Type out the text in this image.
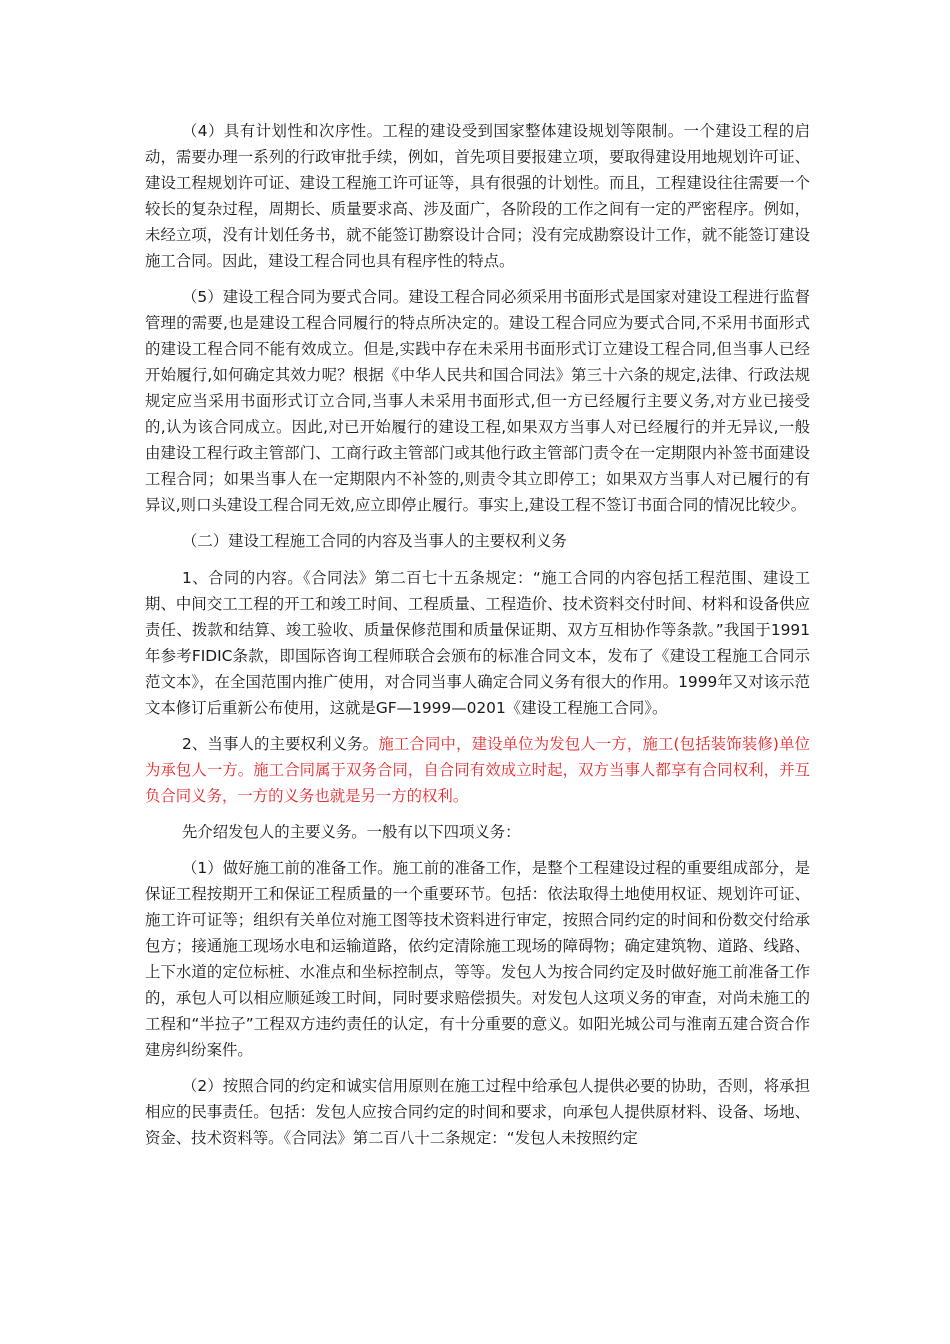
（4）具有计划性和次序性。工程的建设受到国家整体建设规划等限制。一个建设工程的启动，需要办理一系列的行政审批手续，例如，首先项目要报建立项，要取得建设用地规划许可证、建设工程规划许可证、建设工程施工许可证等，具有很强的计划性。而且，工程建设往往需要一个较长的复杂过程，周期长、质量要求高、涉及面广，各阶段的工作之间有一定的严密程序。例如，未经立项，没有计划任务书，就不能签订勘察设计合同；没有完成勘察设计工作，就不能签订建设施工合同。因此，建设工程合同也具有程序性的特点。

（5）建设工程合同为要式合同。建设工程合同必须采用书面形式是国家对建设工程进行监督管理的需要,也是建设工程合同履行的特点所决定的。建设工程合同应为要式合同,不采用书面形式的建设工程合同不能有效成立。但是,实践中存在未采用书面形式订立建设工程合同,但当事人已经开始履行,如何确定其效力呢？根据《中华人民共和国合同法》第三十六条的规定,法律、行政法规规定应当采用书面形式订立合同,当事人未采用书面形式,但一方已经履行主要义务,对方业已接受的,认为该合同成立。因此,对已开始履行的建设工程,如果双方当事人对已经履行的并无异议,一般由建设工程行政主管部门、工商行政主管部门或其他行政主管部门责令在一定期限内补签书面建设工程合同；如果当事人在一定期限内不补签的,则责令其立即停工；如果双方当事人对已履行的有异议,则口头建设工程合同无效,应立即停止履行。事实上,建设工程不签订书面合同的情况比较少。

（二）建设工程施工合同的内容及当事人的主要权利义务

1、合同的内容。《合同法》第二百七十五条规定：“施工合同的内容包括工程范围、建设工期、中间交工工程的开工和竣工时间、工程质量、工程造价、技术资料交付时间、材料和设备供应责任、拨款和结算、竣工验收、质量保修范围和质量保证期、双方互相协作等条款。”我国于1991年参考FIDIC条款，即国际咨询工程师联合会颁布的标准合同文本，发布了《建设工程施工合同示范文本》，在全国范围内推广使用，对合同当事人确定合同义务有很大的作用。1999年又对该示范文本修订后重新公布使用，这就是GF—1999—0201《建设工程施工合同》。

2、当事人的主要权利义务。施工合同中，建设单位为发包人一方，施工(包括装饰装修)单位为承包人一方。施工合同属于双务合同，自合同有效成立时起，双方当事人都享有合同权利，并互负合同义务，一方的义务也就是另一方的权利。

先介绍发包人的主要义务。一般有以下四项义务：

（1）做好施工前的准备工作。施工前的准备工作，是整个工程建设过程的重要组成部分，是保证工程按期开工和保证工程质量的一个重要环节。包括：依法取得土地使用权证、规划许可证、施工许可证等；组织有关单位对施工图等技术资料进行审定，按照合同约定的时间和份数交付给承包方；接通施工现场水电和运输道路，依约定清除施工现场的障碍物；确定建筑物、道路、线路、上下水道的定位标桩、水准点和坐标控制点，等等。发包人为按合同约定及时做好施工前准备工作的，承包人可以相应顺延竣工时间，同时要求赔偿损失。对发包人这项义务的审查，对尚未施工的工程和“半拉子”工程双方违约责任的认定，有十分重要的意义。如阳光城公司与淮南五建合资合作建房纠纷案件。

（2）按照合同的约定和诚实信用原则在施工过程中给承包人提供必要的协助，否则，将承担相应的民事责任。包括：发包人应按合同约定的时间和要求，向承包人提供原材料、设备、场地、资金、技术资料等。《合同法》第二百八十二条规定：“发包人未按照约定
